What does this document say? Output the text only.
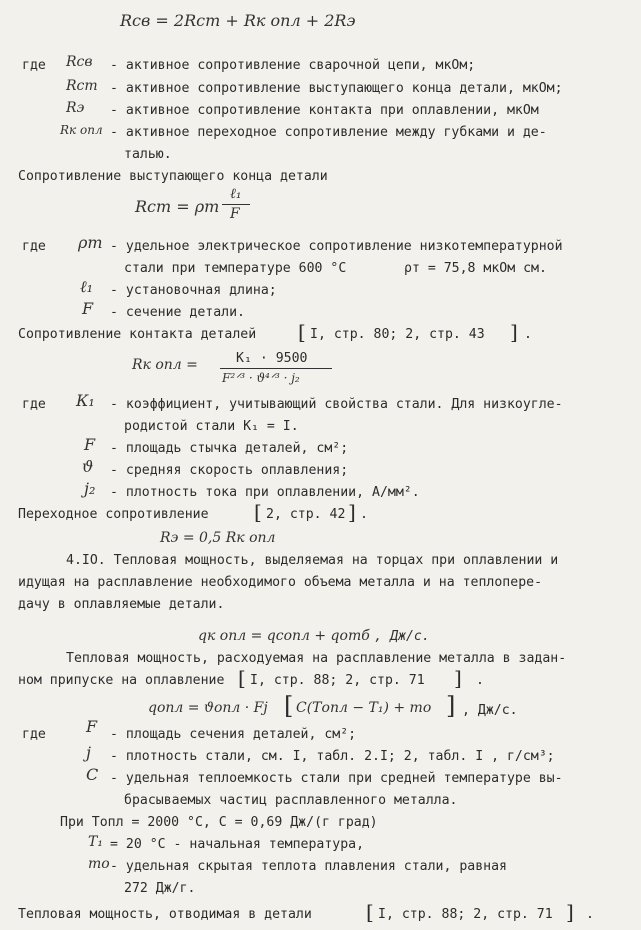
Rсв = 2Rст + Rк опл + 2Rэ
где Rсв - активное сопротивление сварочной цепи, мкОм;
Rст - активное сопротивление выступающего конца детали, мкОм;
Rэ - активное сопротивление контакта при оплавлении, мкОм
Rк опл - активное переходное сопротивление между губками и де-
талью.
Сопротивление выступающего конца детали
Rст = ρт
ℓ₁
F
где ρт - удельное электрическое сопротивление низкотемпературной
стали при температуре 600 °С	ρт = 75,8 мкОм см.
ℓ₁ - установочная длина;
F - сечение детали.
Сопротивление контакта деталей [ I, стр. 80; 2, стр. 43 ] .
Rк опл =	К₁ · 9500
F²ᐟ³ · ϑ⁴ᐟ³ · j₂
где К₁ - коэффициент, учитывающий свойства стали. Для низкоугле-
родистой стали К₁ = I.
F - площадь стычка деталей, см²;
ϑ - средняя скорость оплавления;
j₂ - плотность тока при оплавлении, А/мм².
Переходное сопротивление [ 2, стр. 42 ] .
Rэ = 0,5 Rк опл
4.IO. Тепловая мощность, выделяемая на торцах при оплавлении и
идущая на расплавление необходимого объема металла и на теплопере-
дачу в оплавляемые детали.
qк опл = qсопл + qотб , Дж/с.
Тепловая мощность, расходуемая на расплавление металла в задан-
ном припуске на оплавление [ I, стр. 88; 2, стр. 71 ] .
qопл = ϑопл · Fj [ C(Tопл − T₁) + mо ] , Дж/с.
где	F - площадь сечения деталей, см²;
j - плотность стали, см. I, табл. 2.I; 2, табл. I , г/см³;
C - удельная теплоемкость стали при средней температуре вы-
брасываемых частиц расплавленного металла.
При Tопл = 2000 °С, C = 0,69 Дж/(г град)
T₁ = 20 °С - начальная температура,
mо - удельная скрытая теплота плавления стали, равная
272 Дж/г.
Тепловая мощность, отводимая в детали	[ I, стр. 88; 2, стр. 71 ] .
